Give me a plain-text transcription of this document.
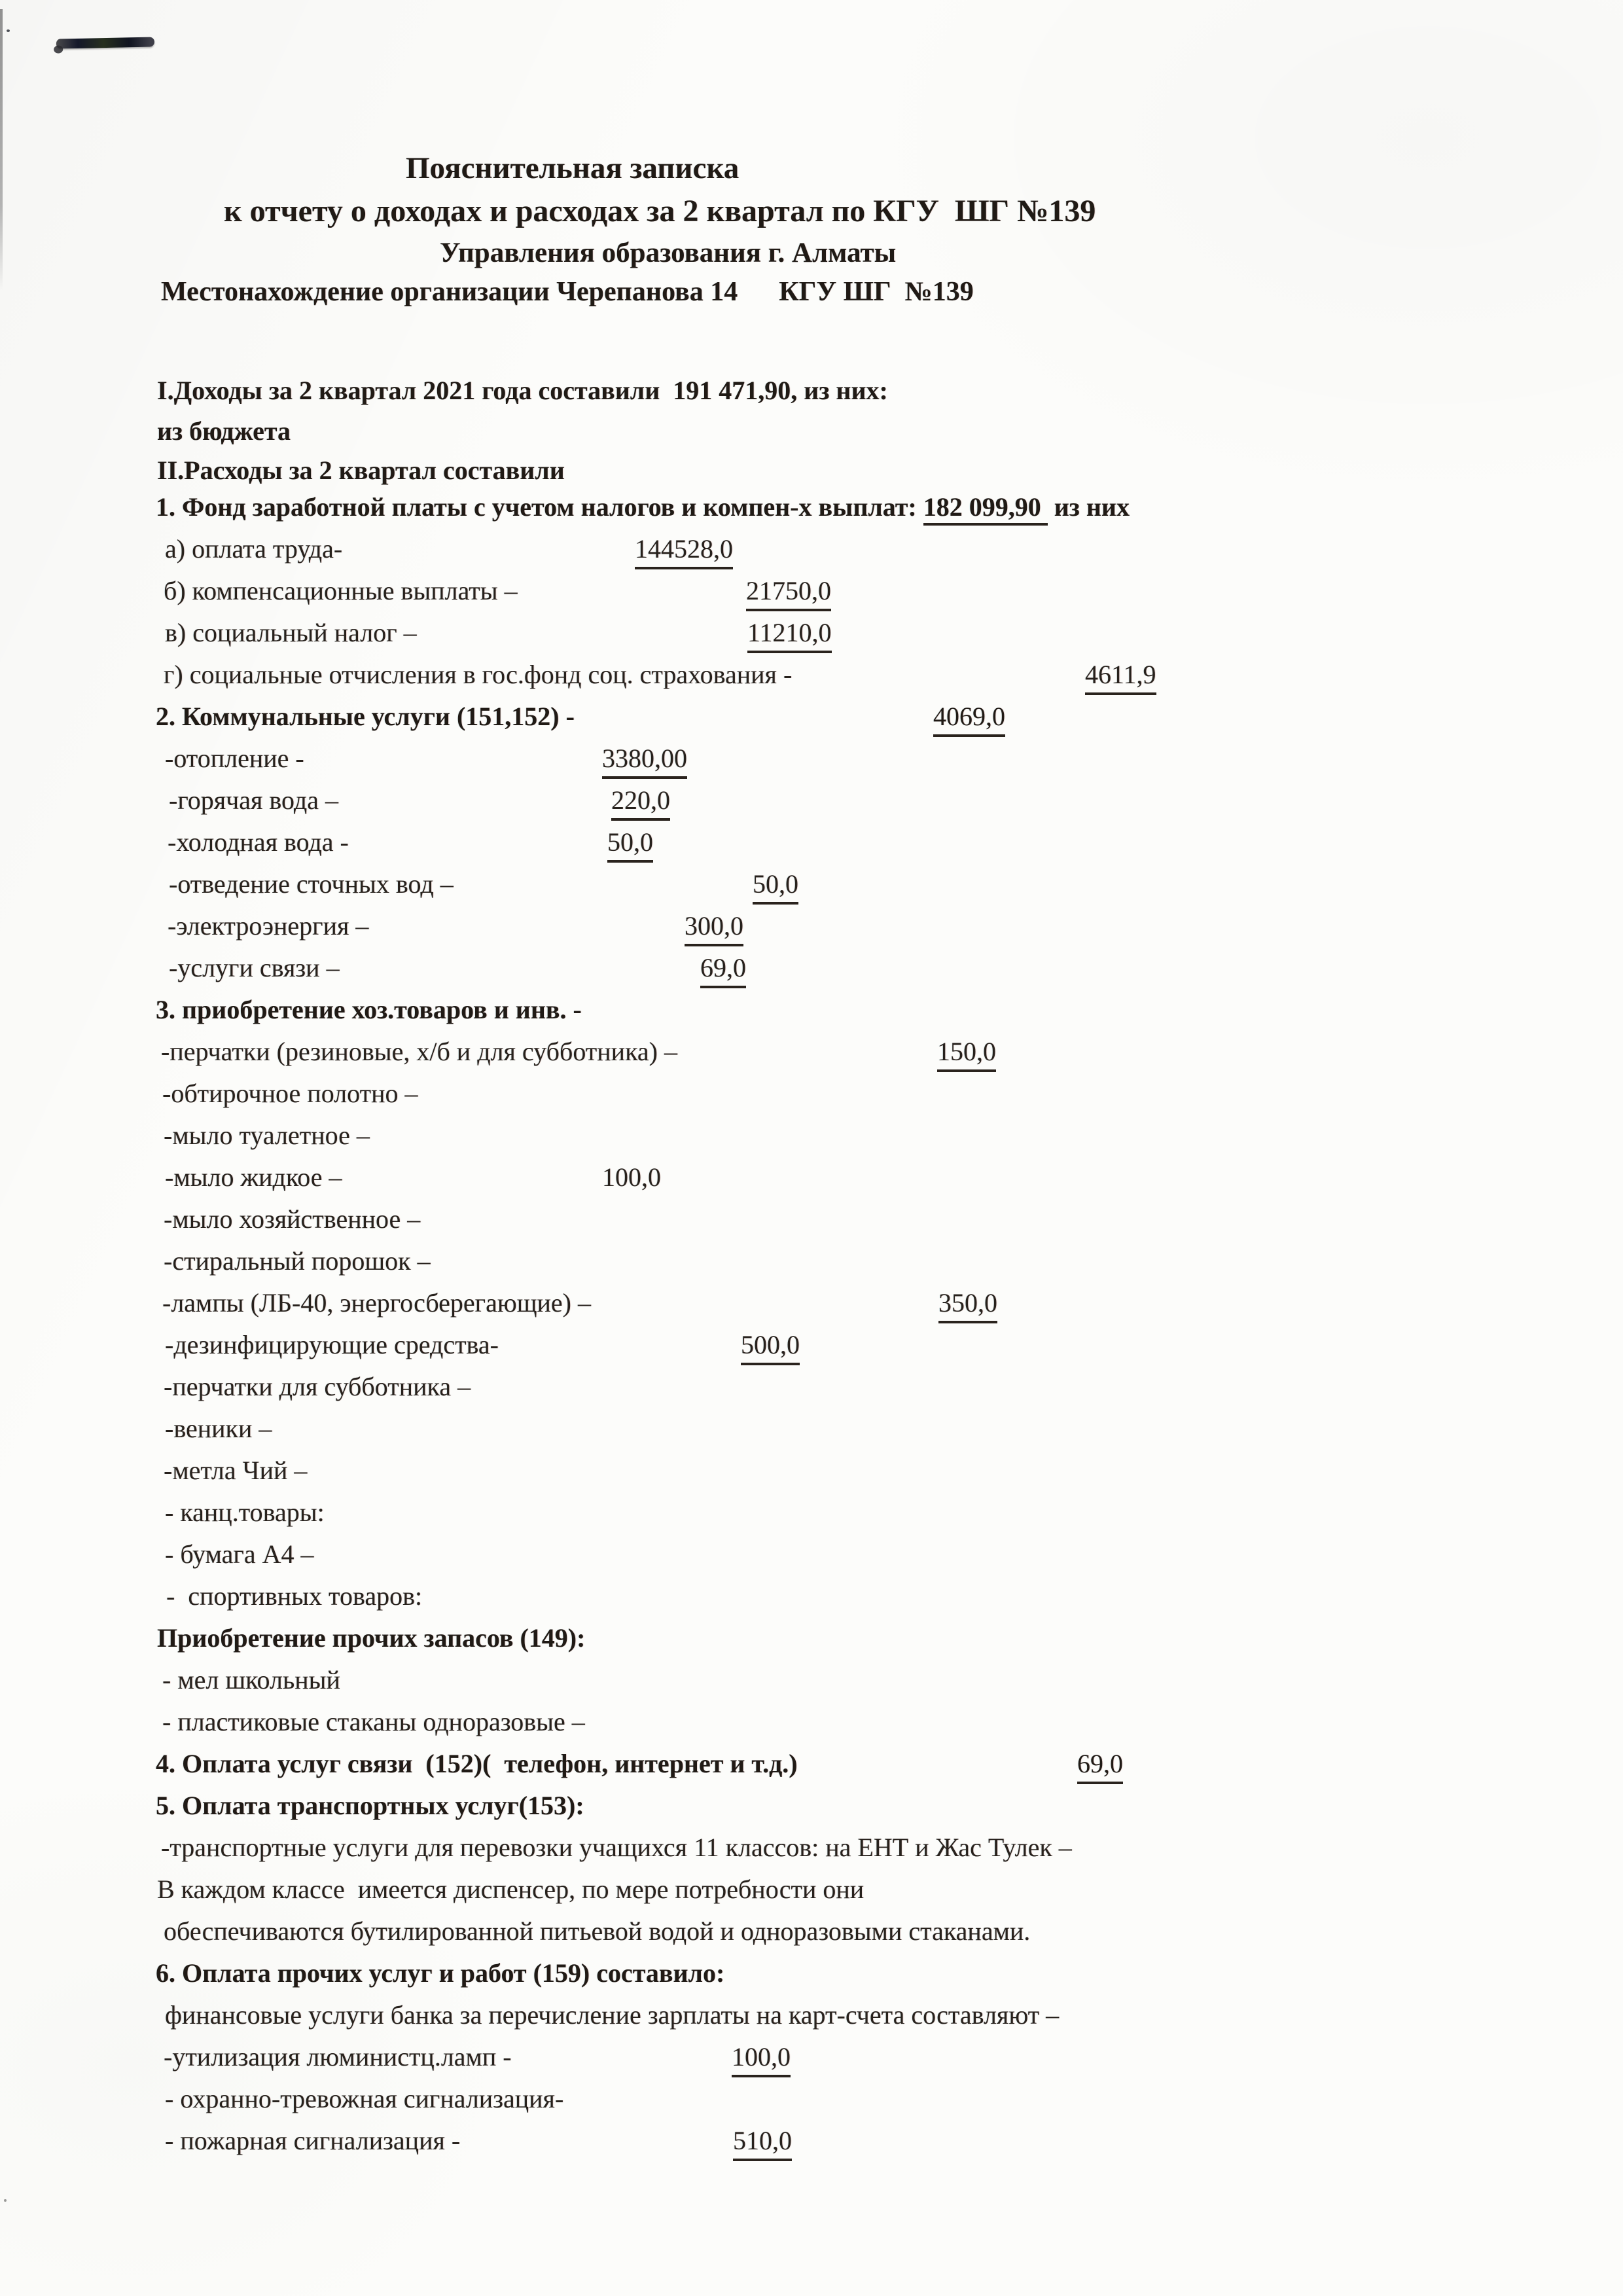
Пояснительная записка
к отчету о доходах и расходах за 2 квартал по КГУ  ШГ №139
Управления образования г. Алматы
Местонахождение организации Черепанова 14      КГУ ШГ  №139
I.Доходы за 2 квартал 2021 года составили  191 471,90, из них:
из бюджета
II.Расходы за 2 квартал составили
1. Фонд заработной платы с учетом налогов и компен-х выплат: 182 099,90  из них
а) оплата труда-	144528,0
б) компенсационные выплаты –	21750,0
в) социальный налог –	11210,0
г) социальные отчисления в гос.фонд соц. страхования -	4611,9
2. Коммунальные услуги (151,152) -	4069,0
-отопление -	3380,00
-горячая вода –	220,0
-холодная вода -	50,0
-отведение сточных вод –	50,0
-электроэнергия –	300,0
-услуги связи –	69,0
3. приобретение хоз.товаров и инв. -
-перчатки (резиновые, х/б и для субботника) –	150,0
-обтирочное полотно –
-мыло туалетное –
-мыло жидкое –	100,0
-мыло хозяйственное –
-стиральный порошок –
-лампы (ЛБ-40, энергосберегающие) –	350,0
-дезинфицирующие средства-	500,0
-перчатки для субботника –
-веники –
-метла Чий –
- канц.товары:
- бумага А4 –
-  спортивных товаров:
Приобретение прочих запасов (149):
- мел школьный
- пластиковые стаканы одноразовые –
4. Оплата услуг связи  (152)(  телефон, интернет и т.д.)	69,0
5. Оплата транспортных услуг(153):
-транспортные услуги для перевозки учащихся 11 классов: на ЕНТ и Жас Тулек –
В каждом классе  имеется диспенсер, по мере потребности они
обеспечиваются бутилированной питьевой водой и одноразовыми стаканами.
6. Оплата прочих услуг и работ (159) составило:
финансовые услуги банка за перечисление зарплаты на карт-счета составляют –
-утилизация люминистц.ламп -	100,0
- охранно-тревожная сигнализация-
- пожарная сигнализация -	510,0
